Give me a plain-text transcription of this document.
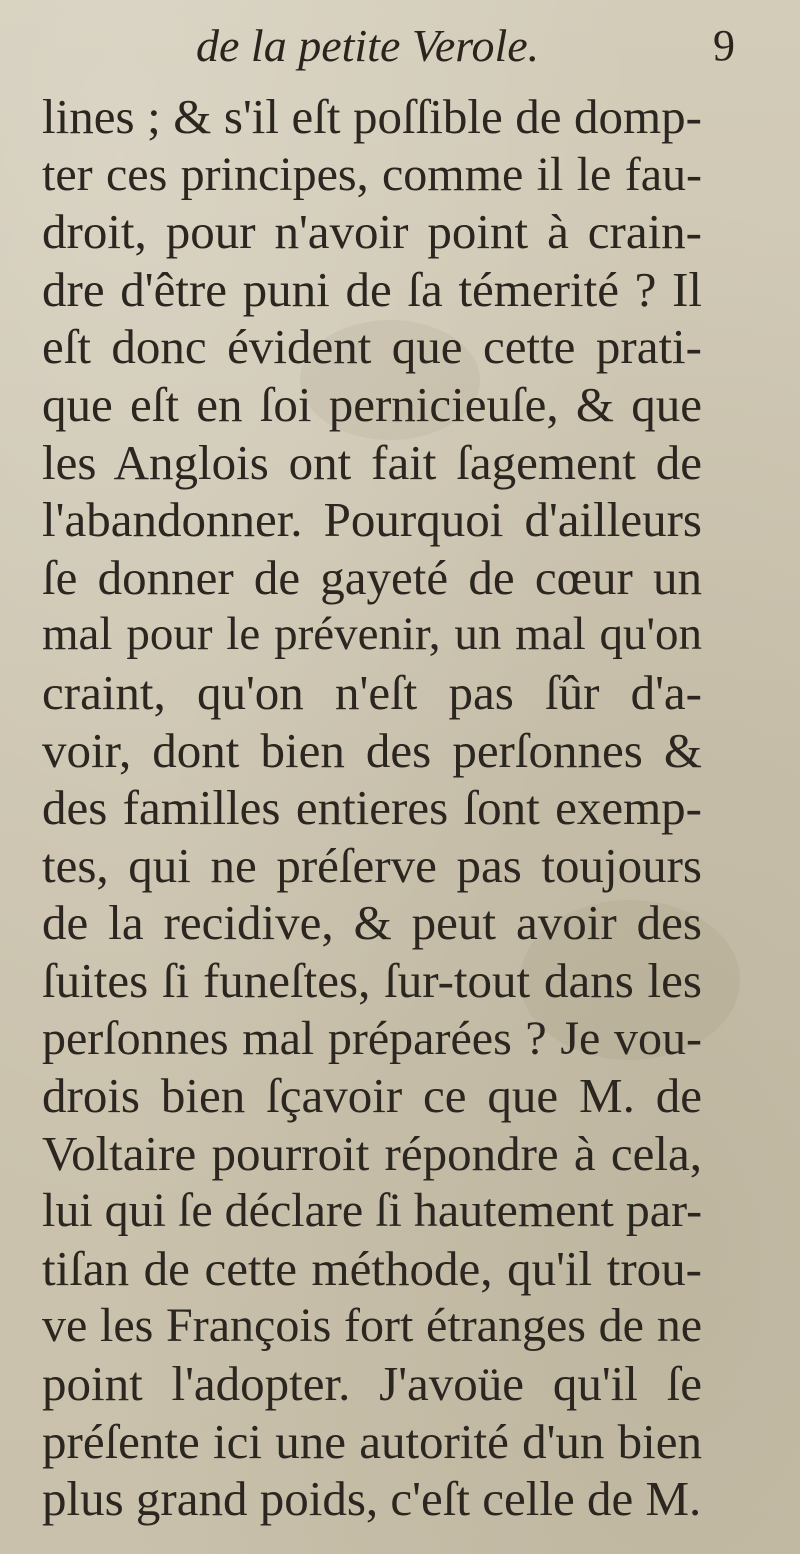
de la petite Verole.	9
lines ; & s'il eſt poſſible de domp-
ter ces principes, comme il le fau-
droit, pour n'avoir point à crain-
dre d'être puni de ſa témerité ? Il
eſt donc évident que cette prati-
que eſt en ſoi pernicieuſe, & que
les Anglois ont fait ſagement de
l'abandonner. Pourquoi d'ailleurs
ſe donner de gayeté de cœur un
mal pour le prévenir, un mal qu'on
craint, qu'on n'eſt pas ſûr d'a-
voir, dont bien des perſonnes &
des familles entieres ſont exemp-
tes, qui ne préſerve pas toujours
de la recidive, & peut avoir des
ſuites ſi funeſtes, ſur-tout dans les
perſonnes mal préparées ? Je vou-
drois bien ſçavoir ce que M. de
Voltaire pourroit répondre à cela,
lui qui ſe déclare ſi hautement par-
tiſan de cette méthode, qu'il trou-
ve les François fort étranges de ne
point l'adopter. J'avoüe qu'il ſe
préſente ici une autorité d'un bien
plus grand poids, c'eſt celle de M.
